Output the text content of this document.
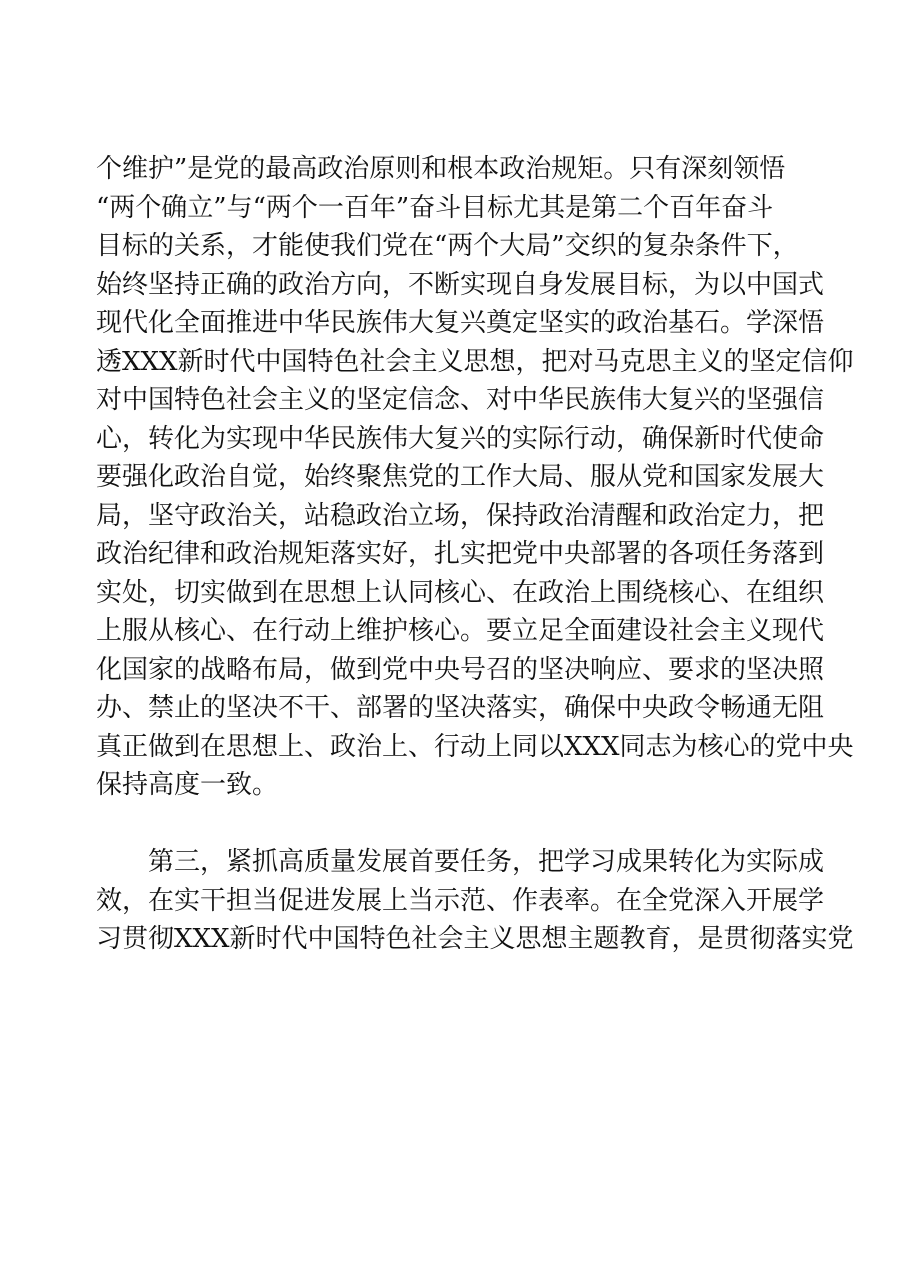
个维护”是党的最高政治原则和根本政治规矩。只有深刻领悟
“两个确立”与“两个一百年”奋斗目标尤其是第二个百年奋斗
目标的关系，才能使我们党在“两个大局”交织的复杂条件下，
始终坚持正确的政治方向，不断实现自身发展目标，为以中国式
现代化全面推进中华民族伟大复兴奠定坚实的政治基石。学深悟
透XXX新时代中国特色社会主义思想，把对马克思主义的坚定信仰
对中国特色社会主义的坚定信念、对中华民族伟大复兴的坚强信
心，转化为实现中华民族伟大复兴的实际行动，确保新时代使命
要强化政治自觉，始终聚焦党的工作大局、服从党和国家发展大
局，坚守政治关，站稳政治立场，保持政治清醒和政治定力，把
政治纪律和政治规矩落实好，扎实把党中央部署的各项任务落到
实处，切实做到在思想上认同核心、在政治上围绕核心、在组织
上服从核心、在行动上维护核心。要立足全面建设社会主义现代
化国家的战略布局，做到党中央号召的坚决响应、要求的坚决照
办、禁止的坚决不干、部署的坚决落实，确保中央政令畅通无阻
真正做到在思想上、政治上、行动上同以XXX同志为核心的党中央
保持高度一致。
第三，紧抓高质量发展首要任务，把学习成果转化为实际成
效，在实干担当促进发展上当示范、作表率。在全党深入开展学
习贯彻XXX新时代中国特色社会主义思想主题教育，是贯彻落实党
